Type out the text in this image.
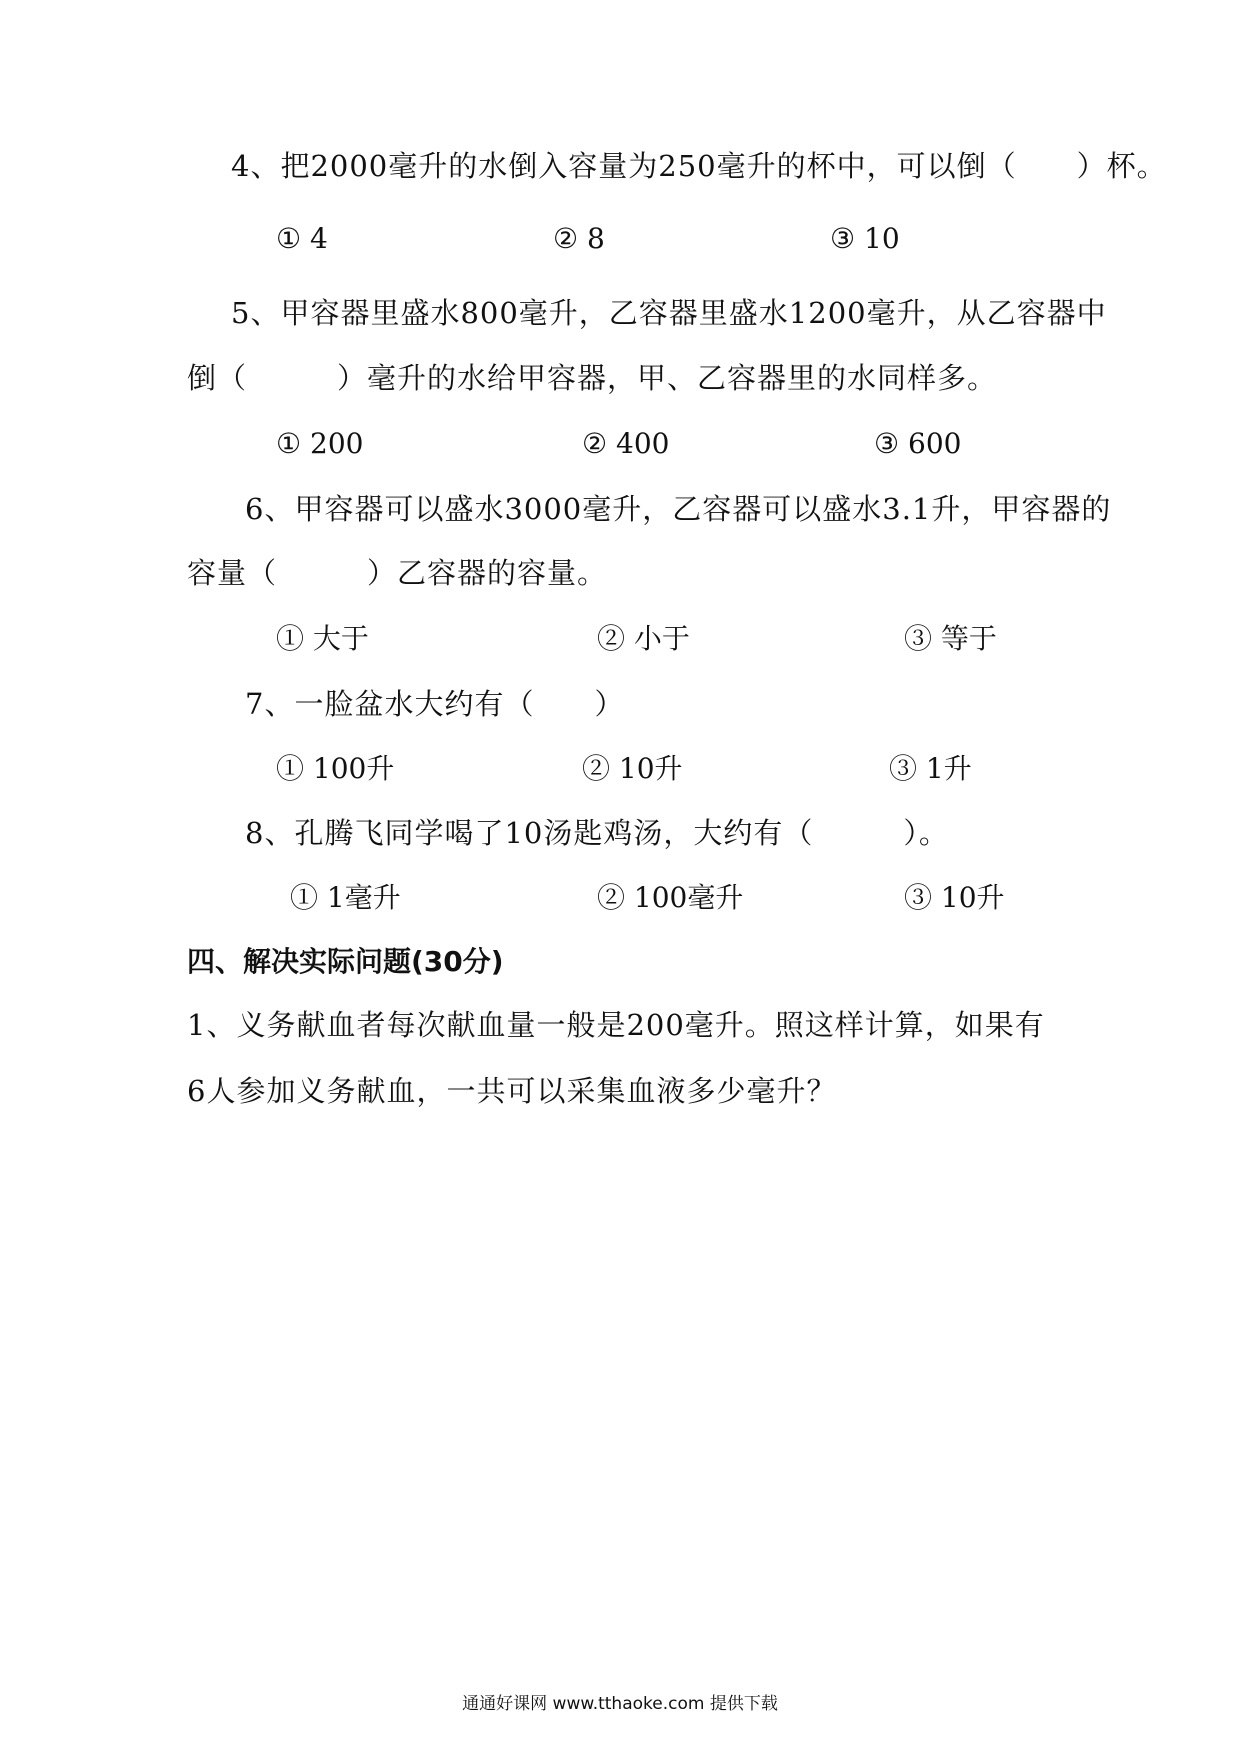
4、把2000毫升的水倒入容量为250毫升的杯中，可以倒（　　）杯。
① 4	② 8	③ 10
5、甲容器里盛水800毫升，乙容器里盛水1200毫升，从乙容器中
倒（　　　）毫升的水给甲容器，甲、乙容器里的水同样多。
① 200	② 400	③ 600
6、甲容器可以盛水3000毫升，乙容器可以盛水3.1升，甲容器的
容量（　　　）乙容器的容量。
① 大于	② 小于	③ 等于
7、一脸盆水大约有（　　）
① 100升	② 10升	③ 1升
8、孔腾飞同学喝了10汤匙鸡汤，大约有（　　　）。
① 1毫升	② 100毫升	③ 10升
四、解决实际问题(30分)
1、义务献血者每次献血量一般是200毫升。照这样计算，如果有
6人参加义务献血，一共可以采集血液多少毫升？
通通好课网 www.tthaoke.com 提供下载
